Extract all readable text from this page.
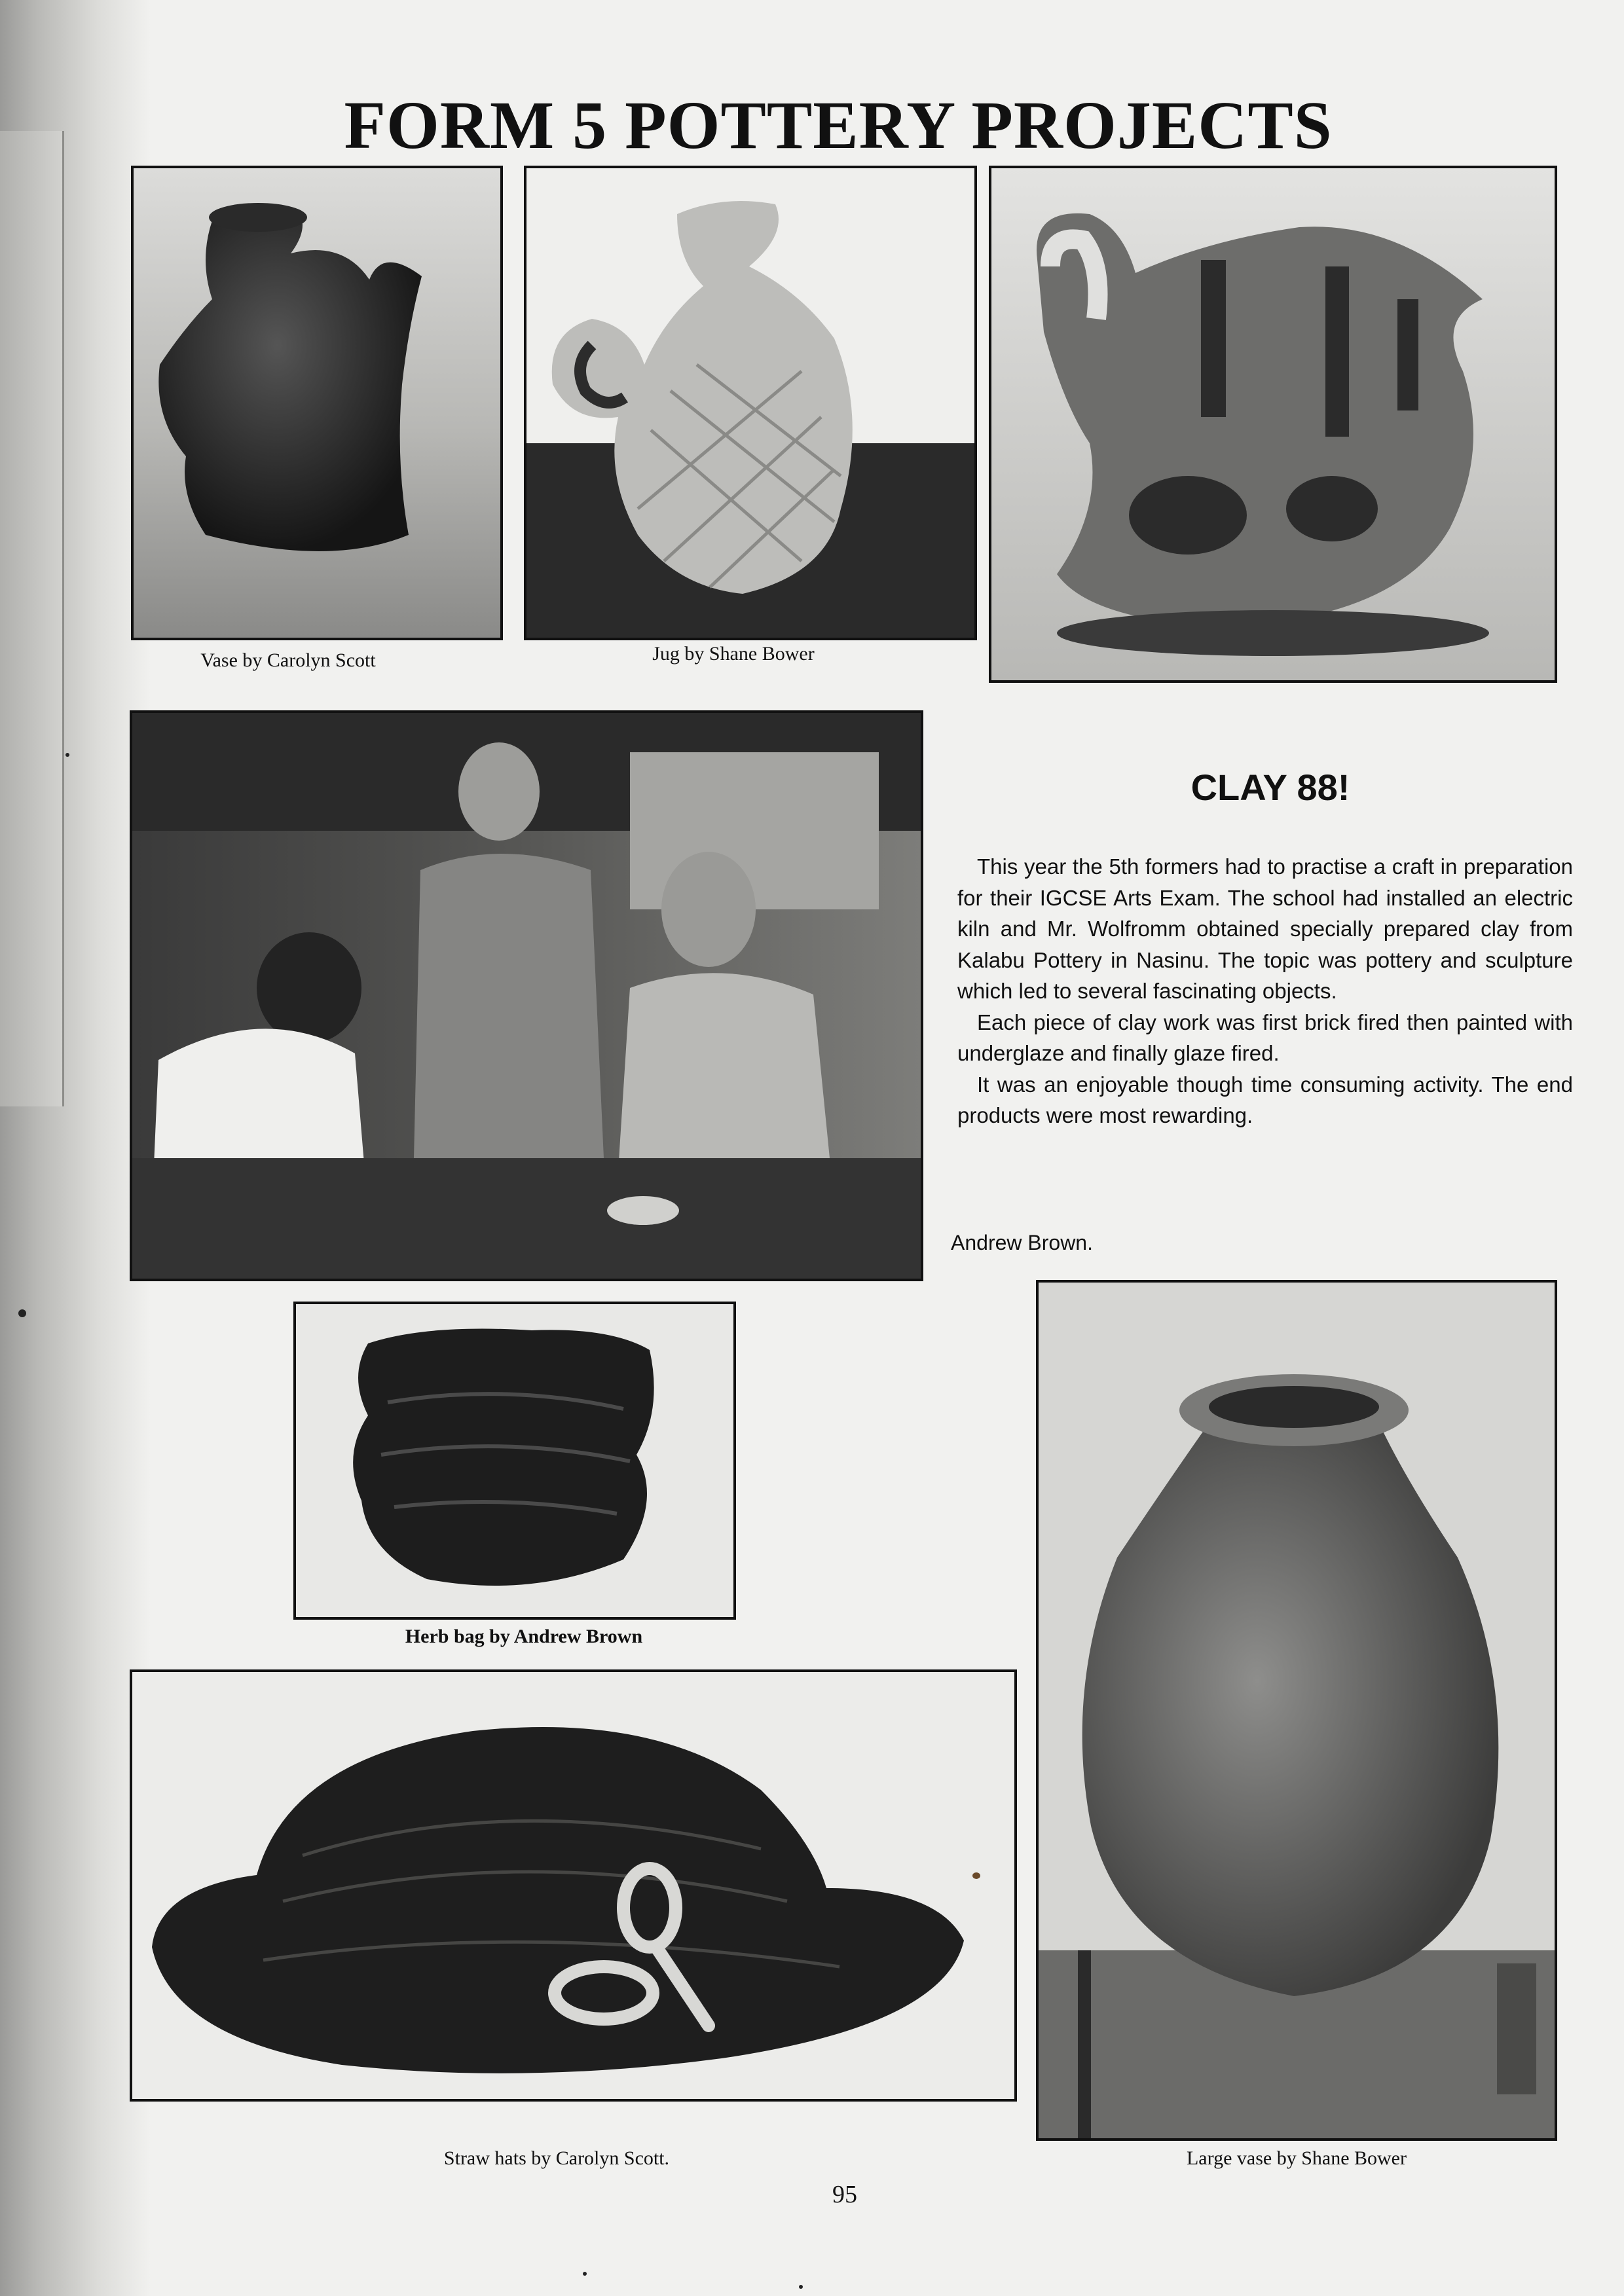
FORM 5 POTTERY PROJECTS
Vase by Carolyn Scott	Jug by Shane Bower
CLAY 88!

This year the 5th formers had to practise a craft in preparation for their IGCSE Arts Exam. The school had installed an electric kiln and Mr. Wolfromm obtained specially prepared clay from Kalabu Pottery in Nasinu. The topic was pottery and sculpture which led to several fascinating objects.

Each piece of clay work was first brick fired then painted with underglaze and finally glaze fired.

It was an enjoyable though time consuming activity. The end products were most rewarding.

Andrew Brown.
Herb bag by Andrew Brown
Straw hats by Carolyn Scott.	Large vase by Shane Bower
95
